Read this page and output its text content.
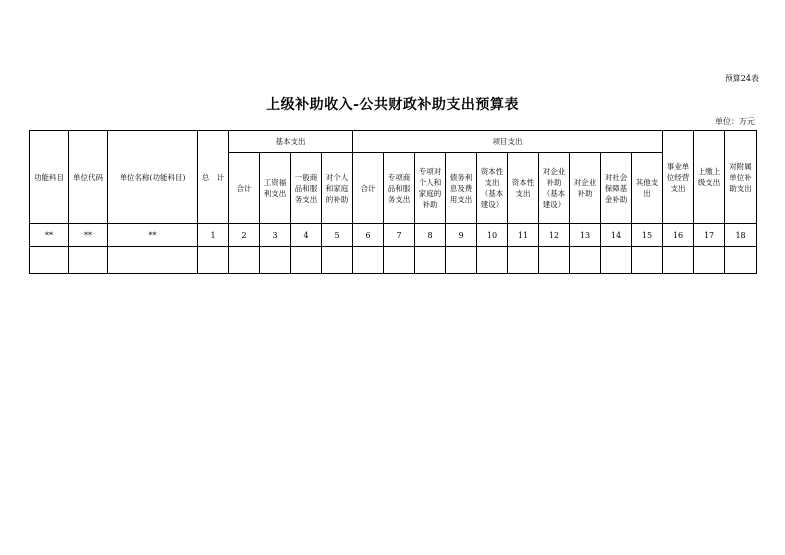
预算24表
上级补助收入-公共财政补助支出预算表
单位：万元
功能科目	单位代码	单位名称(功能科目)	总　计	基本支出				项目支出										事业单位经营支出	上缴上级支出	对附属单位补助支出
				合计	工资福利支出	一般商品和服务支出	对个人和家庭的补助	合计	专项商品和服务支出	专项对个人和家庭的补助	债务利息及费用支出	资本性支出（基本建设）	资本性支出	对企业补助（基本建设）	对企业补助	对社会保障基金补助	其他支出			
**	**	**	1	2	3	4	5	6	7	8	9	10	11	12	13	14	15	16	17	18
